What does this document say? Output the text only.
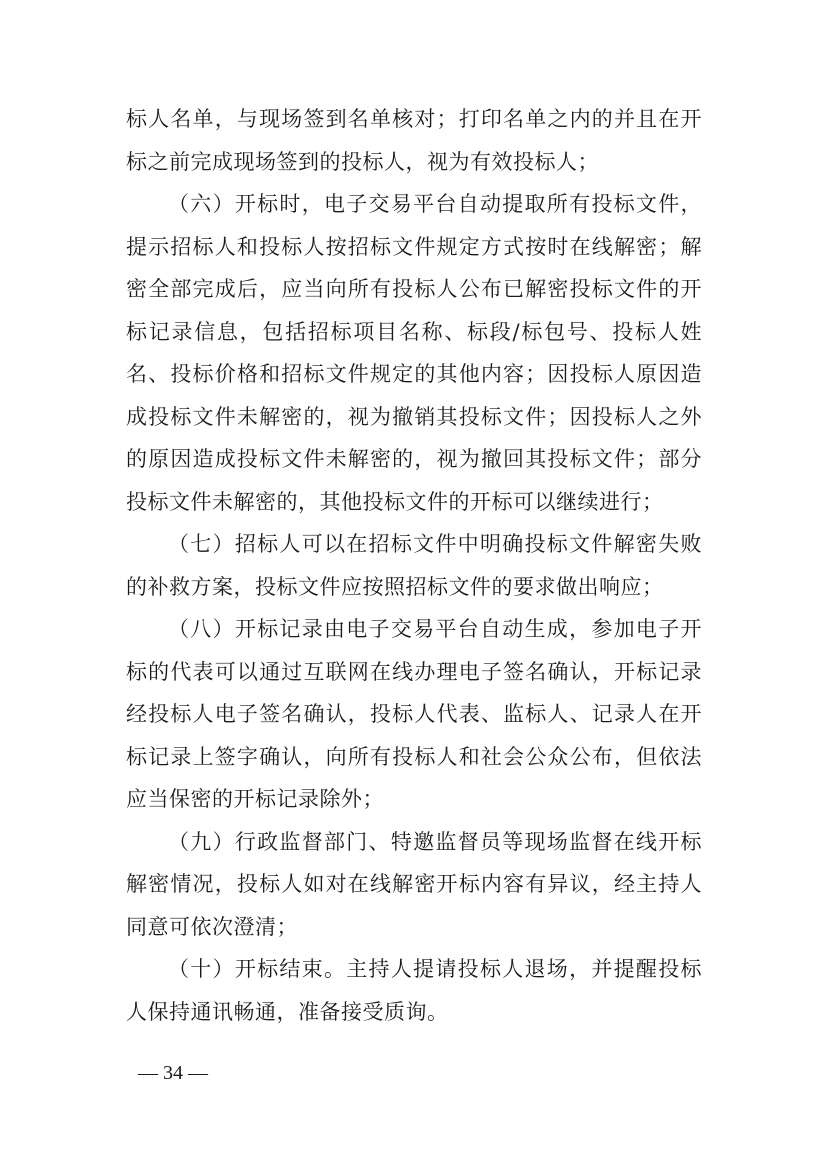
标人名单，与现场签到名单核对；打印名单之内的并且在开
标之前完成现场签到的投标人，视为有效投标人；
（六）开标时，电子交易平台自动提取所有投标文件，
提示招标人和投标人按招标文件规定方式按时在线解密；解
密全部完成后，应当向所有投标人公布已解密投标文件的开
标记录信息，包括招标项目名称、标段/标包号、投标人姓
名、投标价格和招标文件规定的其他内容；因投标人原因造
成投标文件未解密的，视为撤销其投标文件；因投标人之外
的原因造成投标文件未解密的，视为撤回其投标文件；部分
投标文件未解密的，其他投标文件的开标可以继续进行；
（七）招标人可以在招标文件中明确投标文件解密失败
的补救方案，投标文件应按照招标文件的要求做出响应；
（八）开标记录由电子交易平台自动生成，参加电子开
标的代表可以通过互联网在线办理电子签名确认，开标记录
经投标人电子签名确认，投标人代表、监标人、记录人在开
标记录上签字确认，向所有投标人和社会公众公布，但依法
应当保密的开标记录除外；
（九）行政监督部门、特邀监督员等现场监督在线开标
解密情况，投标人如对在线解密开标内容有异议，经主持人
同意可依次澄清；
（十）开标结束。主持人提请投标人退场，并提醒投标
人保持通讯畅通，准备接受质询。
— 34 —
